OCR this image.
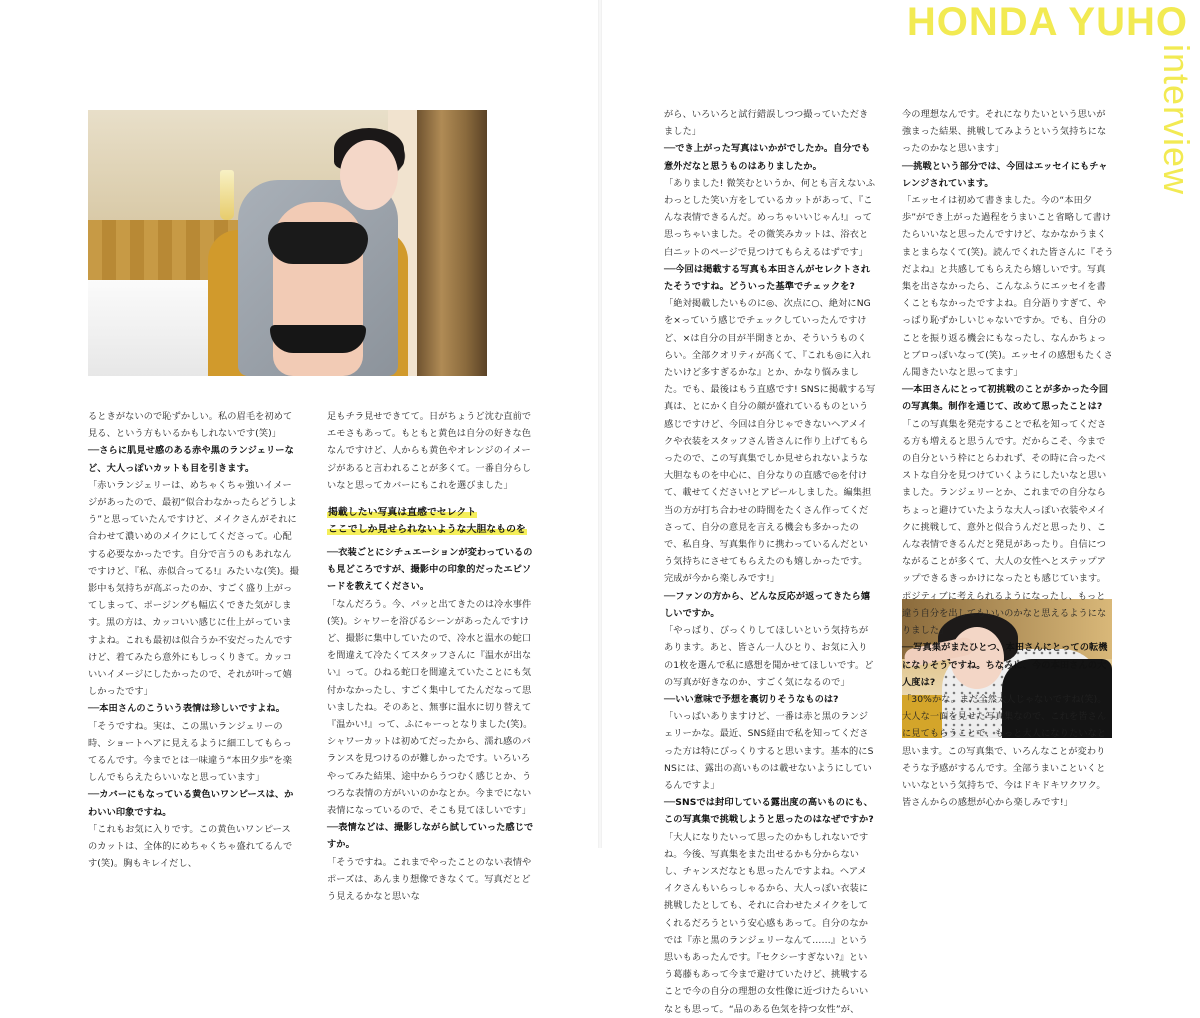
HONDA YUHO
interview

るときがないので恥ずかしい。私の眉毛を初めて見る、という方もいるかもしれないです(笑)」

──さらに肌見せ感のある赤や黒のランジェリーなど、大人っぽいカットも目を引きます。

「赤いランジェリーは、めちゃくちゃ強いイメージがあったので、最初“似合わなかったらどうしよう”と思っていたんですけど、メイクさんがそれに合わせて濃いめのメイクにしてくださって。心配する必要なかったです。自分で言うのもあれなんですけど、『私、赤似合ってる!』みたいな(笑)。撮影中も気持ちが高ぶったのか、すごく盛り上がってしまって、ポージングも幅広くできた気がします。黒の方は、カッコいい感じに仕上がっていますよね。これも最初は似合うか不安だったんですけど、着てみたら意外にもしっくりきて。カッコいいイメージにしたかったので、それが叶って嬉しかったです」

──本田さんのこういう表情は珍しいですよね。

「そうですね。実は、この黒いランジェリーの時、ショートヘアに見えるように細工してもらってるんです。今までとは一味違う“本田夕歩”を楽しんでもらえたらいいなと思っています」

──カバーにもなっている黄色いワンピースは、かわいい印象ですね。

「これもお気に入りです。この黄色いワンピースのカットは、全体的にめちゃくちゃ盛れてるんです(笑)。胸もキレイだし、

足もチラ見せできてて。日がちょうど沈む直前でエモさもあって。もともと黄色は自分の好きな色なんですけど、人からも黄色やオレンジのイメージがあると言われることが多くて。一番自分らしいなと思ってカバーにもこれを選びました」

掲載したい写真は直感でセレクト
ここでしか見せられないような大胆なものを

──衣装ごとにシチュエーションが変わっているのも見どころですが、撮影中の印象的だったエピソードを教えてください。

「なんだろう。今、パッと出てきたのは冷水事件(笑)。シャワーを浴びるシーンがあったんですけど、撮影に集中していたので、冷水と温水の蛇口を間違えて冷たくてスタッフさんに『温水が出ない』って。ひねる蛇口を間違えていたことにも気付かなかったし、すごく集中してたんだなって思いましたね。そのあと、無事に温水に切り替えて『温かい!』って、ふにゃーっとなりました(笑)。シャワーカットは初めてだったから、濡れ感のバランスを見つけるのが難しかったです。いろいろやってみた結果、途中からうつむく感じとか、うつろな表情の方がいいのかなとか。今までにない表情になっているので、そこも見てほしいです」

──表情などは、撮影しながら試していった感じですか。

「そうですね。これまでやったことのない表情やポーズは、あんまり想像できなくて。写真だとどう見えるかなと思いな

がら、いろいろと試行錯誤しつつ撮っていただきました」

──でき上がった写真はいかがでしたか。自分でも意外だなと思うものはありましたか。

「ありました! 微笑むというか、何とも言えないふわっとした笑い方をしているカットがあって、『こんな表情できるんだ。めっちゃいいじゃん!』って思っちゃいました。その微笑みカットは、浴衣と白ニットのページで見つけてもらえるはずです」

──今回は掲載する写真も本田さんがセレクトされたそうですね。どういった基準でチェックを?

「絶対掲載したいものに◎、次点に○、絶対にNGを×っていう感じでチェックしていったんですけど、×は自分の目が半開きとか、そういうものくらい。全部クオリティが高くて、『これも◎に入れたいけど多すぎるかな』とか、かなり悩みました。でも、最後はもう直感です! SNSに掲載する写真は、とにかく自分の顔が盛れているものという感じですけど、今回は自分じゃできないヘアメイクや衣装をスタッフさん皆さんに作り上げてもらったので、この写真集でしか見せられないような大胆なものを中心に、自分なりの直感で◎を付けて、載せてください!とアピールしました。編集担当の方が打ち合わせの時間をたくさん作ってくださって、自分の意見を言える機会も多かったので、私自身、写真集作りに携わっているんだという気持ちにさせてもらえたのも嬉しかったです。完成が今から楽しみです!」

──ファンの方から、どんな反応が返ってきたら嬉しいですか。

「やっぱり、びっくりしてほしいという気持ちがあります。あと、皆さん一人ひとり、お気に入りの1枚を選んで私に感想を聞かせてほしいです。どの写真が好きなのか、すごく気になるので」

──いい意味で予想を裏切りそうなものは?

「いっぱいありますけど、一番は赤と黒のランジェリーかな。最近、SNS経由で私を知ってくださった方は特にびっくりすると思います。基本的にSNSには、露出の高いものは載せないようにしているんですよ」

──SNSでは封印している露出度の高いものにも、この写真集で挑戦しようと思ったのはなぜですか?

「大人になりたいって思ったのかもしれないですね。今後、写真集をまた出せるかも分からないし、チャンスだなとも思ったんですよね。ヘアメイクさんもいらっしゃるから、大人っぽい衣装に挑戦したとしても、それに合わせたメイクをしてくれるだろうという安心感もあって。自分のなかでは『赤と黒のランジェリーなんて……』という思いもあったんです。『セクシーすぎない?』という葛藤もあって今まで避けていたけど、挑戦することで今の自分の理想の女性像に近づけたらいいなとも思って。“品のある色気を持つ女性”が、

今の理想なんです。それになりたいという思いが強まった結果、挑戦してみようという気持ちになったのかなと思います」

──挑戦という部分では、今回はエッセイにもチャレンジされています。

「エッセイは初めて書きました。今の“本田夕歩”ができ上がった過程をうまいこと省略して書けたらいいなと思ったんですけど、なかなかうまくまとまらなくて(笑)。読んでくれた皆さんに『そうだよね』と共感してもらえたら嬉しいです。写真集を出さなかったら、こんなふうにエッセイを書くこともなかったですよね。自分語りすぎて、やっぱり恥ずかしいじゃないですか。でも、自分のことを振り返る機会にもなったし、なんかちょっとブロっぽいなって(笑)。エッセイの感想もたくさん聞きたいなと思ってます」

──本田さんにとって初挑戦のことが多かった今回の写真集。制作を通じて、改めて思ったことは?

「この写真集を発売することで私を知ってくださる方も増えると思うんです。だからこそ、今までの自分という枠にとらわれず、その時に合ったベストな自分を見つけていくようにしたいなと思いました。ランジェリーとか、これまでの自分ならちょっと避けていたような大人っぽい衣装やメイクに挑戦して、意外と似合うんだと思ったり、こんな表情できるんだと発見があったり。自信につながることが多くて、大人の女性へとステップアップできるきっかけになったとも感じています。ポジティブに考えられるようになったし、もっと違う自分を出してもいいのかなと思えるようになりました」

──写真集がまたひとつ、本田さんにとっての転機になりそうですね。ちなみに、今の本田さんの大人度は?

「30%かな。まだ全然大人じゃないですね(笑)。大人な一面を見せた写真集なので、これを皆さんに見てもらうことで、もっと大人になりたいなと思います。この写真集で、いろんなことが変わりそうな予感がするんです。全部うまいこといくといいなという気持ちで、今はドキドキワクワク。皆さんからの感想が心から楽しみです!」
